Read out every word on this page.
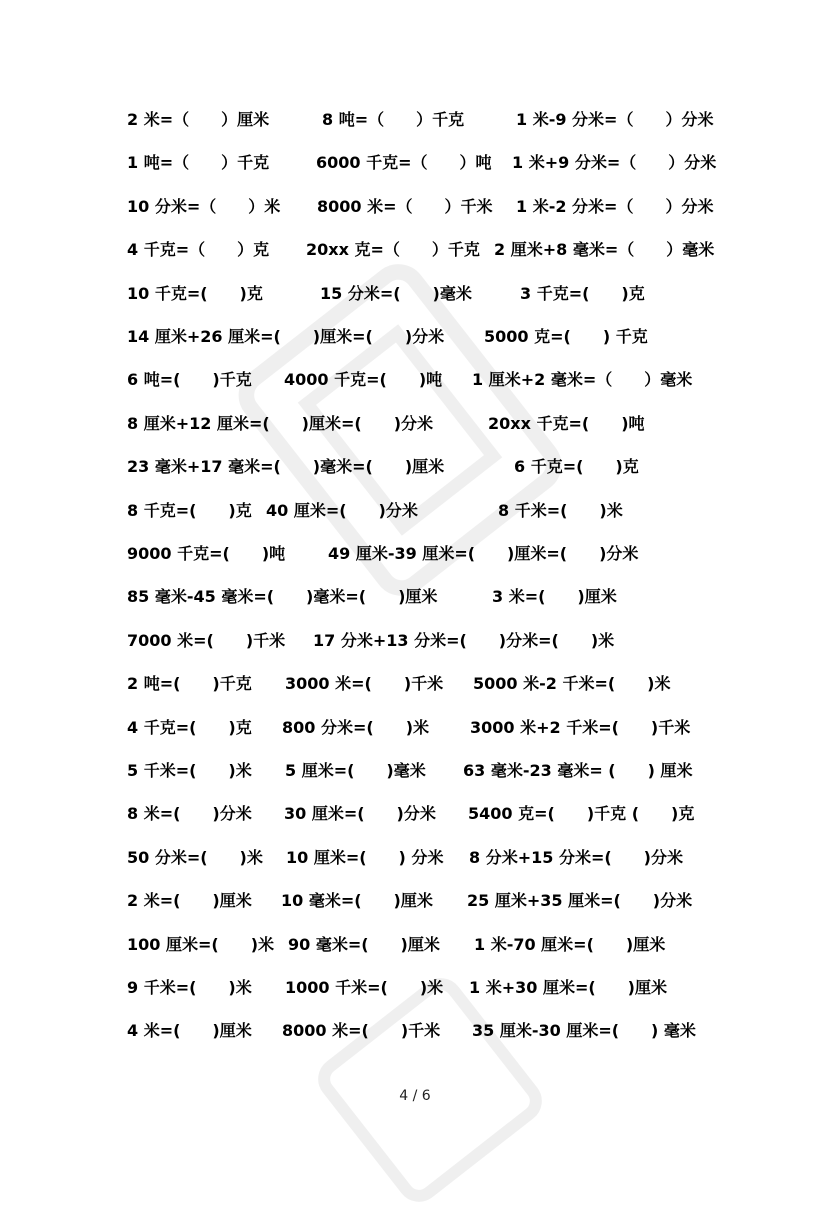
2 米=（　　）厘米	8 吨=（　　）千克	1 米-9 分米=（　　）分米
1 吨=（　　）千克	6000 千克=（　　）吨 1 米+9 分米=（　　）分米
10 分米=（　　）米 8000 米=（　　）千米 1 米-2 分米=（　　）分米
4 千克=（　　）克 20xx 克=（　　）千克 2 厘米+8 毫米=（　　）毫米
10 千克=(　　)克	15 分米=(　　)毫米	3 千克=(　　)克
14 厘米+26 厘米=(　　)厘米=(　　)分米 5000 克=(　　) 千克
6 吨=(　　)千克 4000 千克=(　　)吨 1 厘米+2 毫米=（　　）毫米
8 厘米+12 厘米=(　　)厘米=(　　)分米	20xx 千克=(　　)吨
23 毫米+17 毫米=(　　)毫米=(　　)厘米	6 千克=(　　)克
8 千克=(　　)克 40 厘米=(　　)分米	8 千米=(　　)米
9000 千克=(　　)吨	49 厘米-39 厘米=(　　)厘米=(　　)分米
85 毫米-45 毫米=(　　)毫米=(　　)厘米	3 米=(　　)厘米
7000 米=(　　)千米 17 分米+13 分米=(　　)分米=(　　)米
2 吨=(　　)千克 3000 米=(　　)千米 5000 米-2 千米=(　　)米
4 千克=(　　)克 800 分米=(　　)米	3000 米+2 千米=(　　)千米
5 千米=(　　)米 5 厘米=(　　)毫米 63 毫米-23 毫米= (　　) 厘米
8 米=(　　)分米 30 厘米=(　　)分米 5400 克=(　　)千克 (　　)克
50 分米=(　　)米 10 厘米=(　　) 分米 8 分米+15 分米=(　　)分米
2 米=(　　)厘米 10 毫米=(　　)厘米 25 厘米+35 厘米=(　　)分米
100 厘米=(　　)米 90 毫米=(　　)厘米 1 米-70 厘米=(　　)厘米
9 千米=(　　)米 1000 千米=(　　)米 1 米+30 厘米=(　　)厘米
4 米=(　　)厘米 8000 米=(　　)千米 35 厘米-30 厘米=(　　) 毫米
4 / 6
